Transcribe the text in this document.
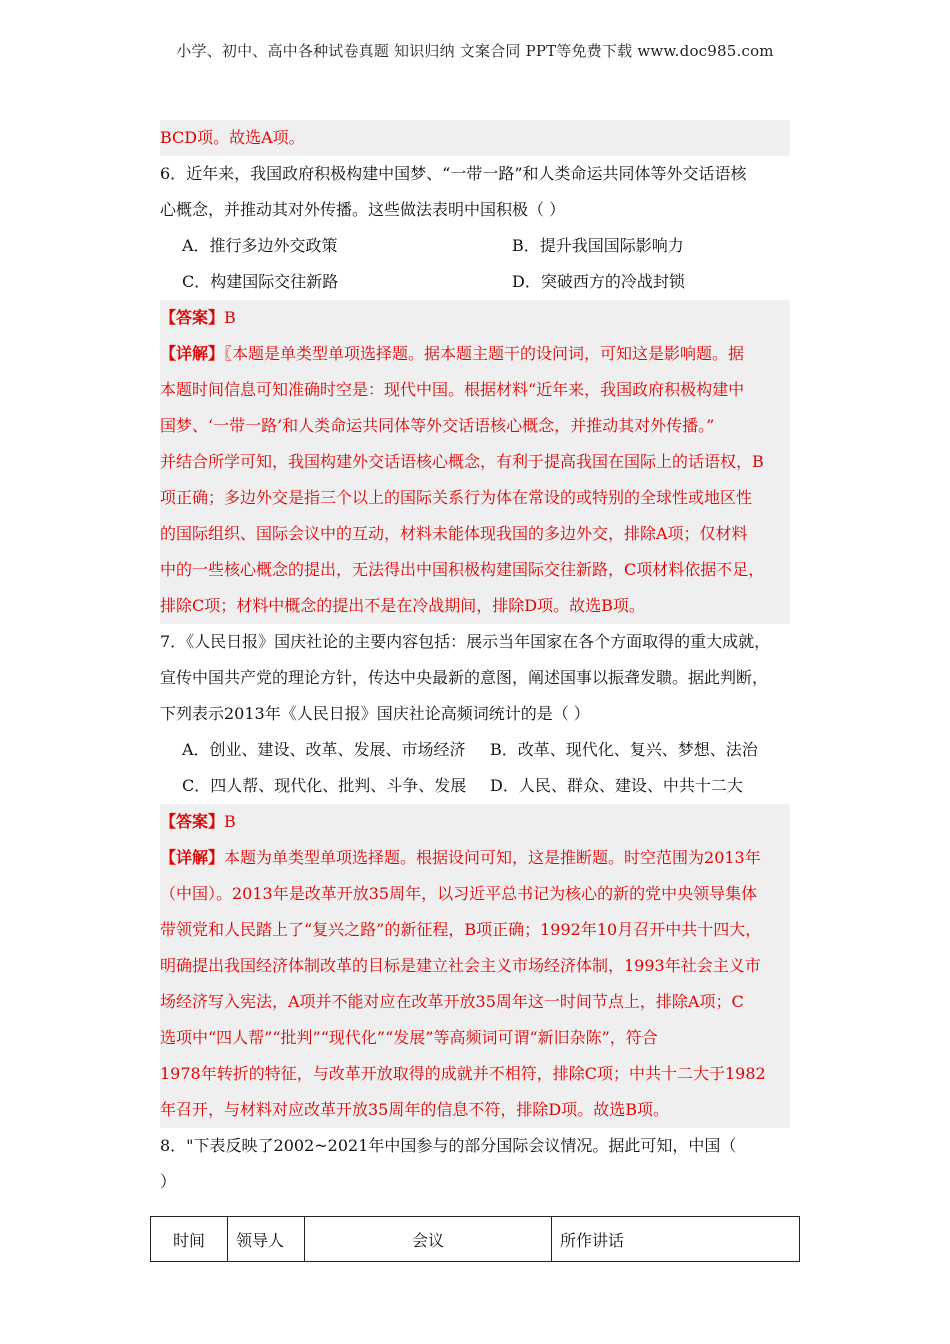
小学、初中、高中各种试卷真题 知识归纳 文案合同 PPT等免费下载 www.doc985.com
BCD项。故选A项。
6．近年来，我国政府积极构建中国梦、“一带一路”和人类命运共同体等外交话语核
心概念，并推动其对外传播。这些做法表明中国积极（ ）
A．推行多边外交政策	B．提升我国国际影响力
C．构建国际交往新路	D．突破西方的冷战封锁
【答案】B
【详解】〖本题是单类型单项选择题。据本题主题干的设问词，可知这是影响题。据
本题时间信息可知准确时空是：现代中国。根据材料“近年来，我国政府积极构建中
国梦、‘一带一路’和人类命运共同体等外交话语核心概念，并推动其对外传播。”
并结合所学可知，我国构建外交话语核心概念，有利于提高我国在国际上的话语权，B
项正确；多边外交是指三个以上的国际关系行为体在常设的或特别的全球性或地区性
的国际组织、国际会议中的互动，材料未能体现我国的多边外交，排除A项；仅材料
中的一些核心概念的提出，无法得出中国积极构建国际交往新路，C项材料依据不足，
排除C项；材料中概念的提出不是在冷战期间，排除D项。故选B项。
7．《人民日报》国庆社论的主要内容包括：展示当年国家在各个方面取得的重大成就，
宣传中国共产党的理论方针，传达中央最新的意图，阐述国事以振聋发聩。据此判断，
下列表示2013年《人民日报》国庆社论高频词统计的是（ ）
A．创业、建设、改革、发展、市场经济	B．改革、现代化、复兴、梦想、法治
C．四人帮、现代化、批判、斗争、发展	D．人民、群众、建设、中共十二大
【答案】B
【详解】本题为单类型单项选择题。根据设问可知，这是推断题。时空范围为2013年
（中国）。2013年是改革开放35周年，以习近平总书记为核心的新的党中央领导集体
带领党和人民踏上了“复兴之路”的新征程，B项正确；1992年10月召开中共十四大，
明确提出我国经济体制改革的目标是建立社会主义市场经济体制，1993年社会主义市
场经济写入宪法，A项并不能对应在改革开放35周年这一时间节点上，排除A项；C
选项中“四人帮”“批判”“现代化”“发展”等高频词可谓“新旧杂陈”，符合
1978年转折的特征，与改革开放取得的成就并不相符，排除C项；中共十二大于1982
年召开，与材料对应改革开放35周年的信息不符，排除D项。故选B项。
8．"下表反映了2002~2021年中国参与的部分国际会议情况。据此可知，中国（
）
时间	领导人	会议	所作讲话
